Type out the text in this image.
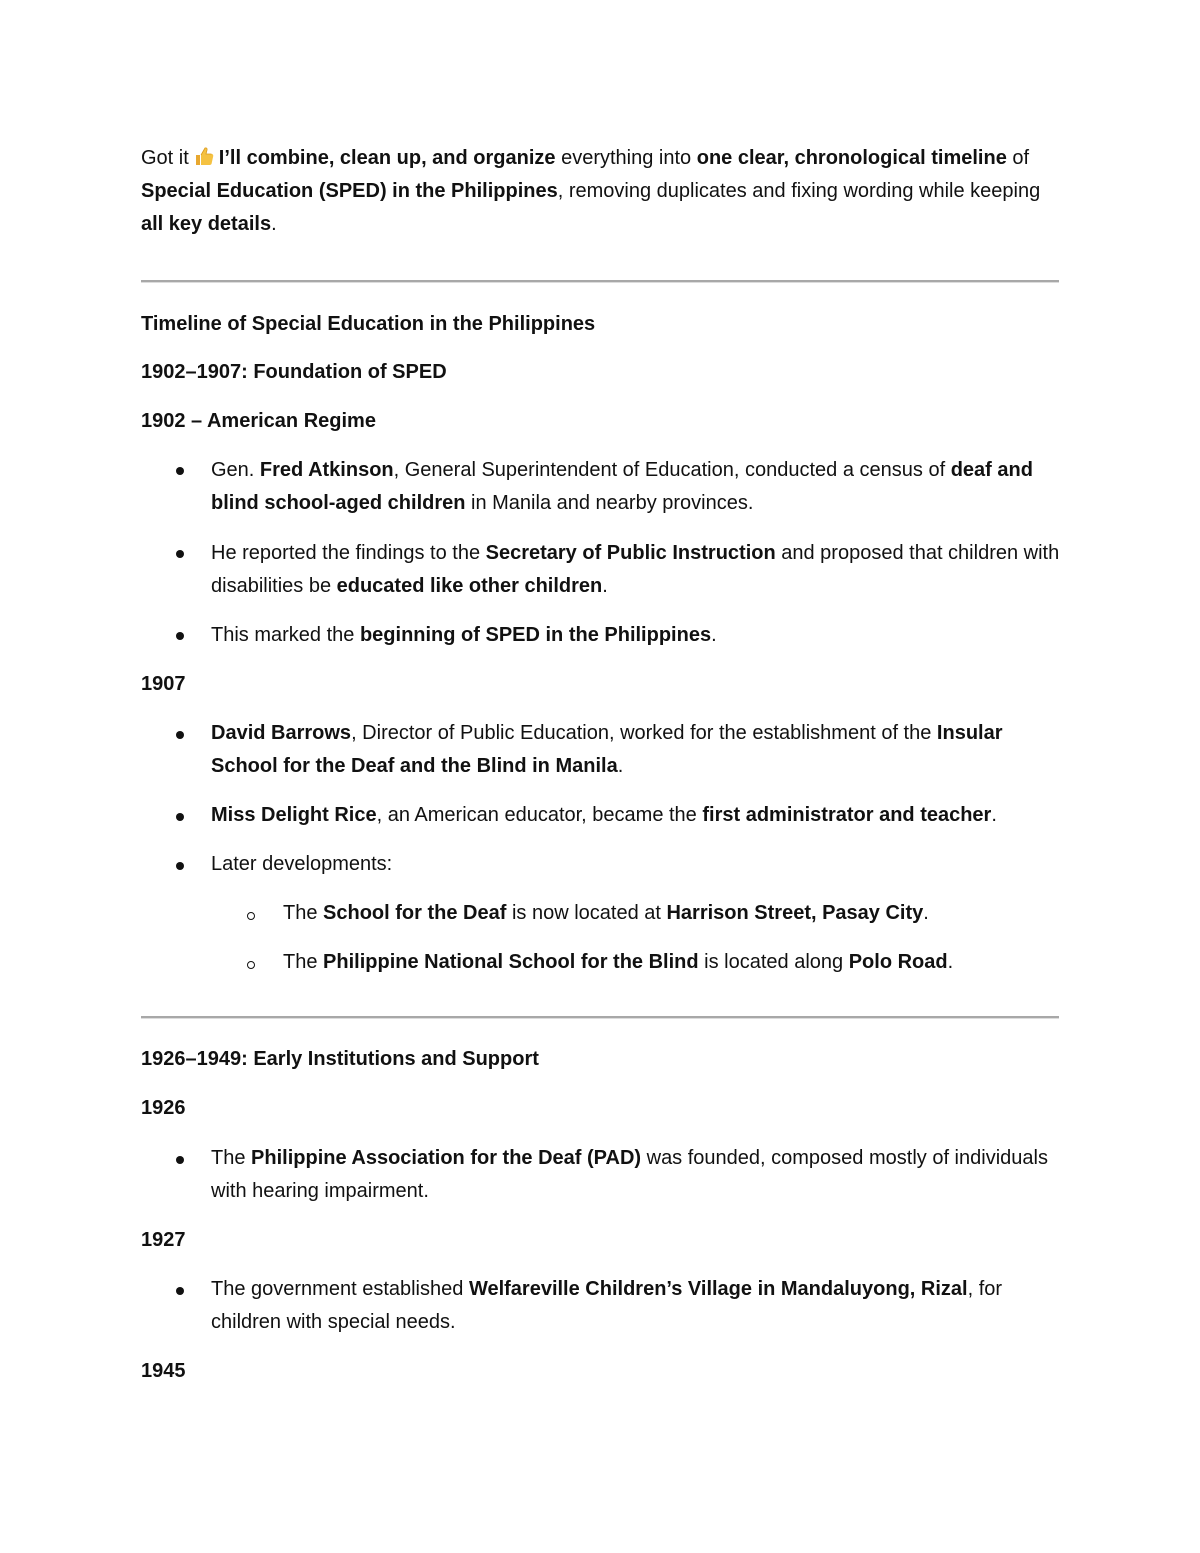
Got it I’ll combine, clean up, and organize everything into one clear, chronological timeline of Special Education (SPED) in the Philippines, removing duplicates and fixing wording while keeping all key details.

Timeline of Special Education in the Philippines

1902–1907: Foundation of SPED

1902 – American Regime

Gen. Fred Atkinson, General Superintendent of Education, conducted a census of deaf and blind school-aged children in Manila and nearby provinces.

He reported the findings to the Secretary of Public Instruction and proposed that children with disabilities be educated like other children.

This marked the beginning of SPED in the Philippines.

1907

David Barrows, Director of Public Education, worked for the establishment of the Insular School for the Deaf and the Blind in Manila.

Miss Delight Rice, an American educator, became the first administrator and teacher.

Later developments:

The School for the Deaf is now located at Harrison Street, Pasay City.

The Philippine National School for the Blind is located along Polo Road.

1926–1949: Early Institutions and Support

1926

The Philippine Association for the Deaf (PAD) was founded, composed mostly of individuals with hearing impairment.

1927

The government established Welfareville Children’s Village in Mandaluyong, Rizal, for children with special needs.

1945
